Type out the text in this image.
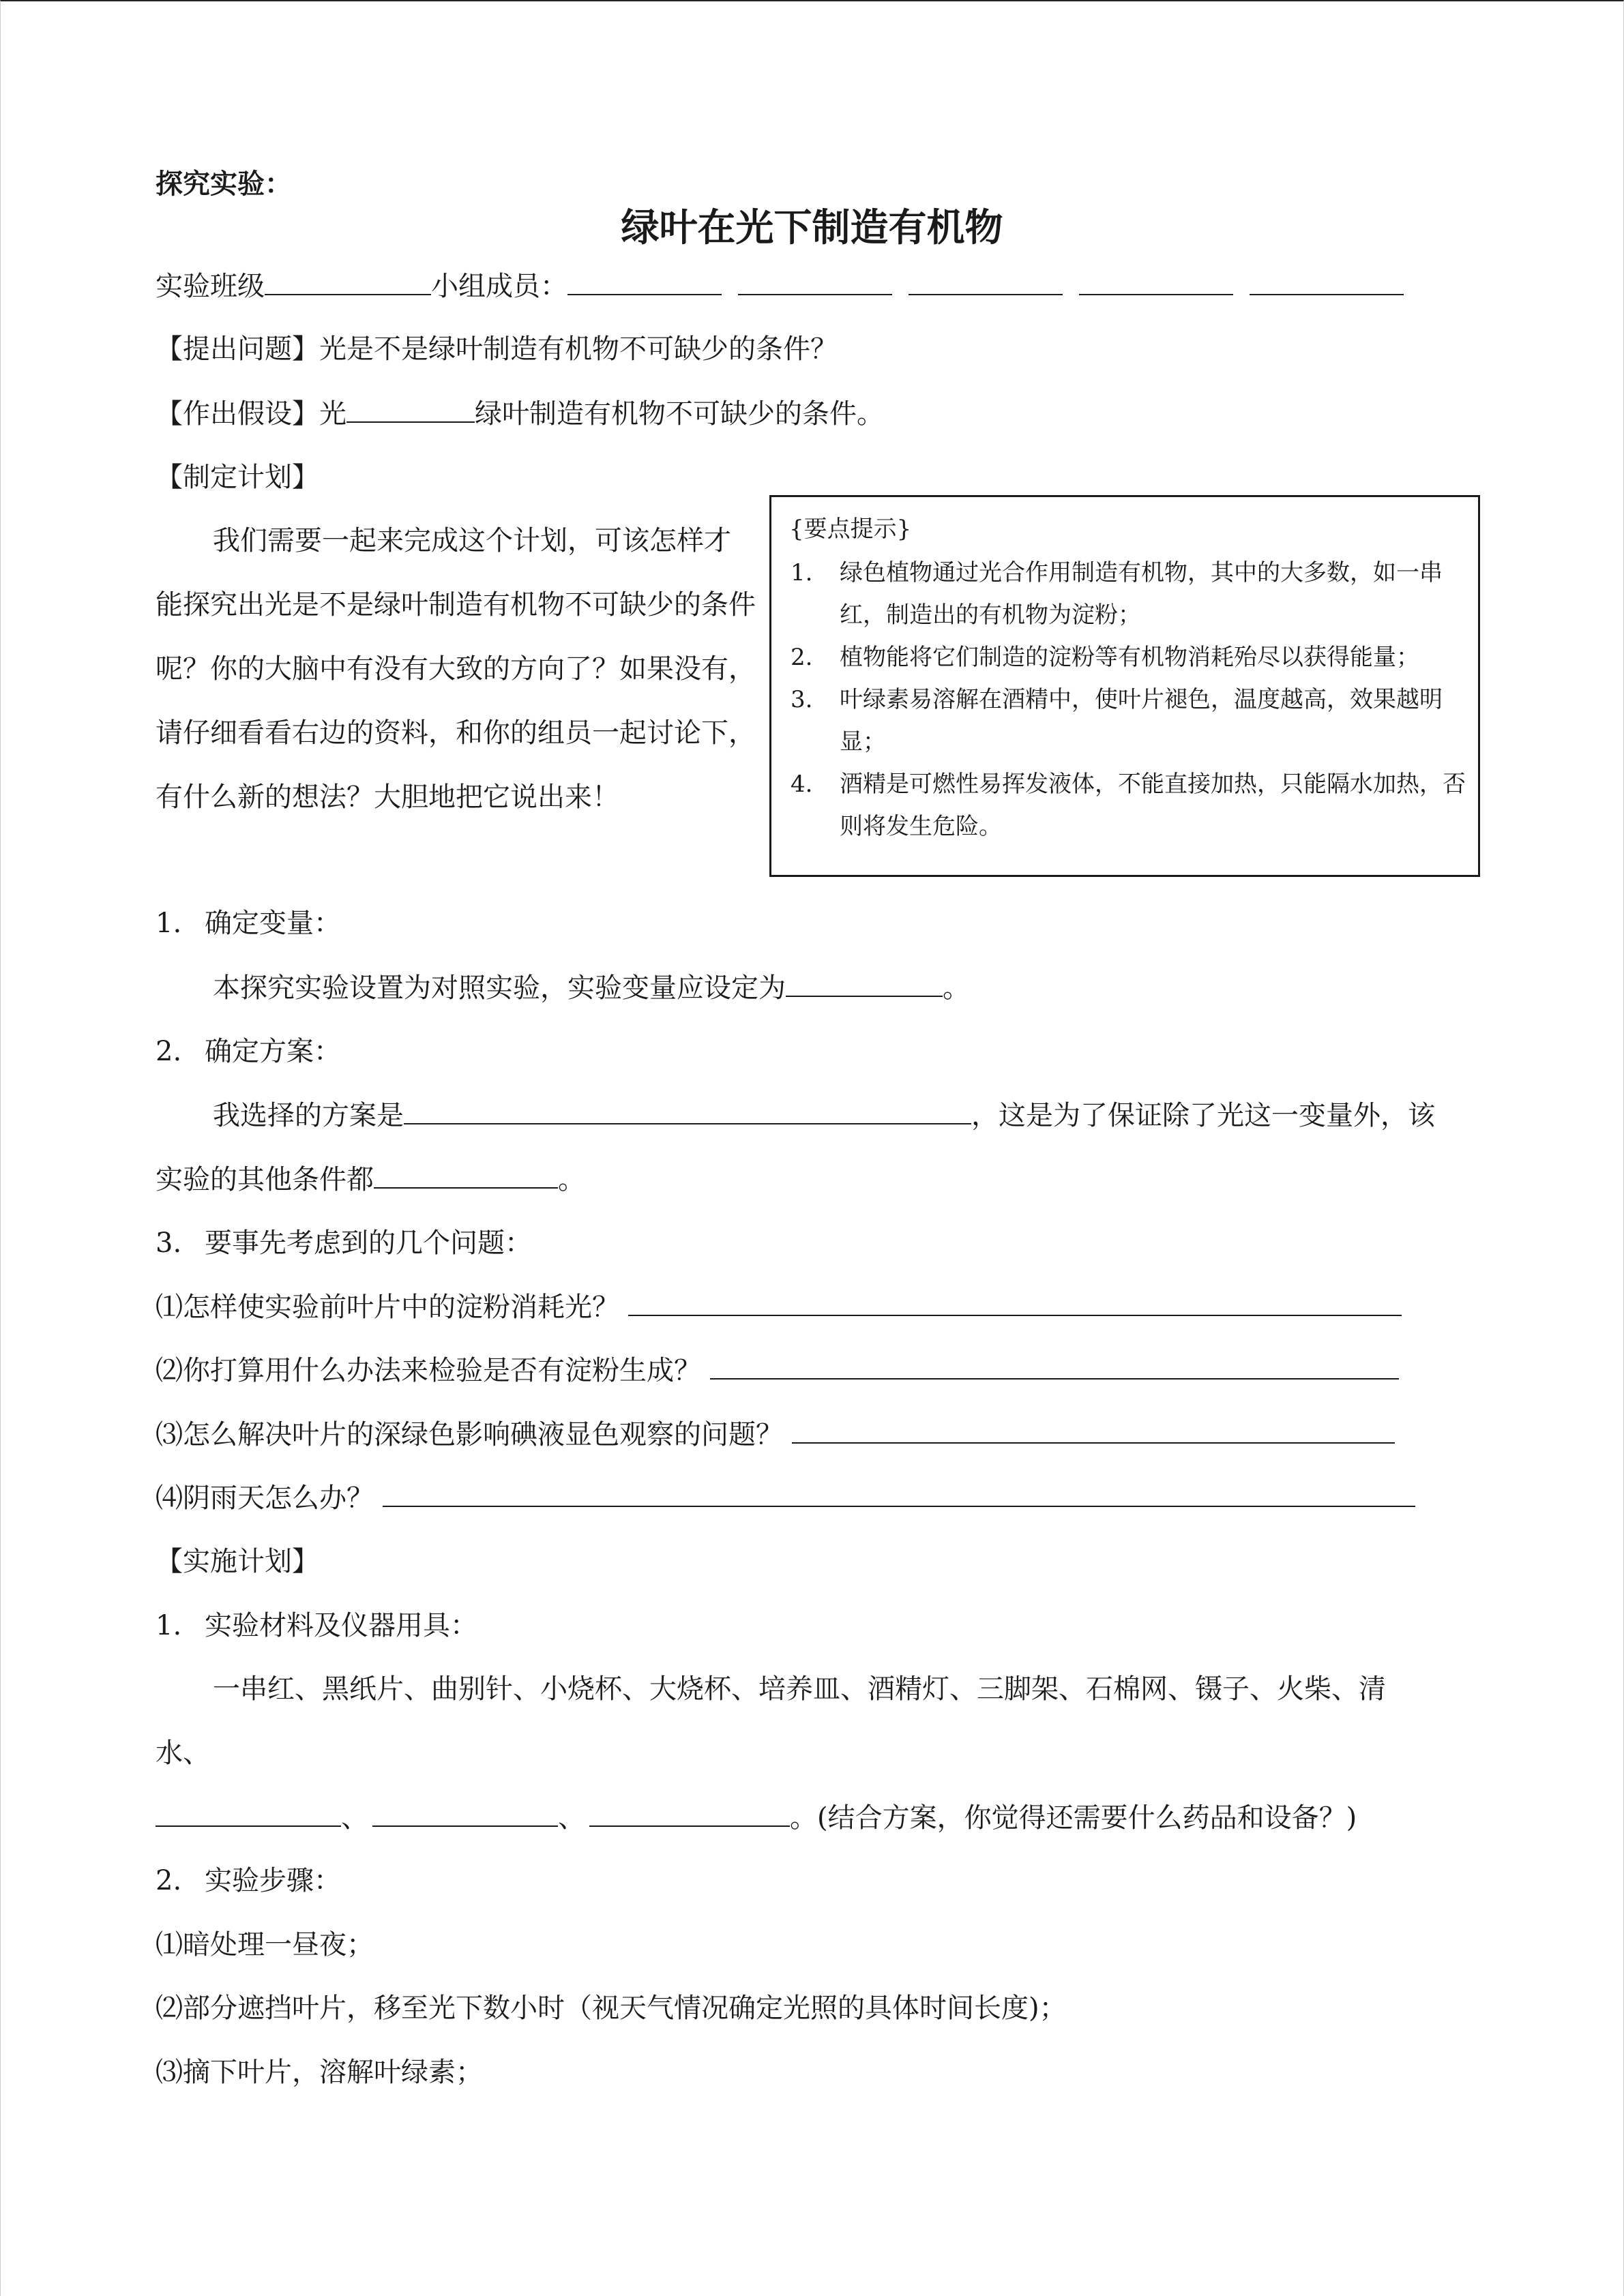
探究实验：
绿叶在光下制造有机物
实验班级	小组成员：
【提出问题】光是不是绿叶制造有机物不可缺少的条件？
【作出假设】光	绿叶制造有机物不可缺少的条件。
【制定计划】
我们需要一起来完成这个计划，可该怎样才能探究出光是不是绿叶制造有机物不可缺少的条件呢？你的大脑中有没有大致的方向了？如果没有，请仔细看看右边的资料，和你的组员一起讨论下，有什么新的想法？大胆地把它说出来！
{要点提示}
1. 绿色植物通过光合作用制造有机物，其中的大多数，如一串红，制造出的有机物为淀粉；
2. 植物能将它们制造的淀粉等有机物消耗殆尽以获得能量；
3. 叶绿素易溶解在酒精中，使叶片褪色，温度越高，效果越明显；
4. 酒精是可燃性易挥发液体，不能直接加热，只能隔水加热，否则将发生危险。
1. 确定变量：
本探究实验设置为对照实验，实验变量应设定为	。
2. 确定方案：
我选择的方案是	，这是为了保证除了光这一变量外，该
实验的其他条件都	。
3. 要事先考虑到的几个问题：
⑴怎样使实验前叶片中的淀粉消耗光？
⑵你打算用什么办法来检验是否有淀粉生成？
⑶怎么解决叶片的深绿色影响碘液显色观察的问题？
⑷阴雨天怎么办？
【实施计划】
1. 实验材料及仪器用具：
一串红、黑纸片、曲别针、小烧杯、大烧杯、培养皿、酒精灯、三脚架、石棉网、镊子、火柴、清
水、
、	、	。(结合方案，你觉得还需要什么药品和设备？)
2. 实验步骤：
⑴暗处理一昼夜；
⑵部分遮挡叶片，移至光下数小时（视天气情况确定光照的具体时间长度)；
⑶摘下叶片，溶解叶绿素；
